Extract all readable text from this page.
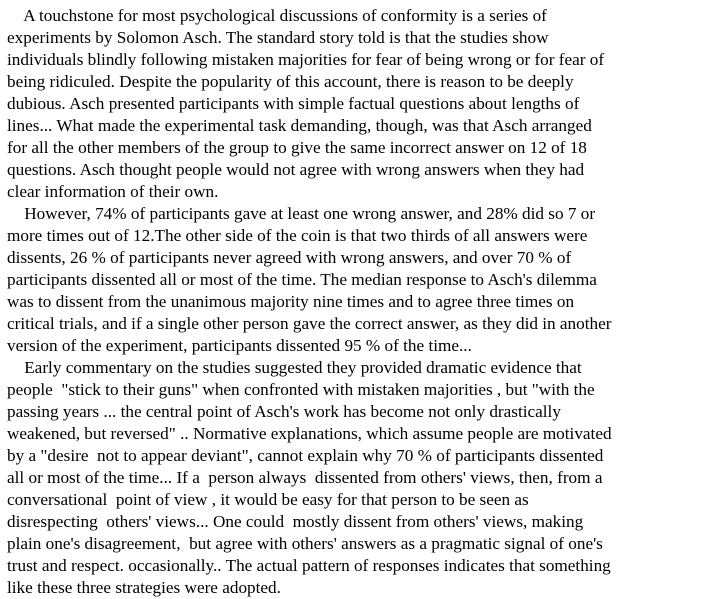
A touchstone for most psychological discussions of conformity is a series of
experiments by Solomon Asch. The standard story told is that the studies show
individuals blindly following mistaken majorities for fear of being wrong or for fear of
being ridiculed. Despite the popularity of this account, there is reason to be deeply
dubious. Asch presented participants with simple factual questions about lengths of
lines... What made the experimental task demanding, though, was that Asch arranged
for all the other members of the group to give the same incorrect answer on 12 of 18
questions. Asch thought people would not agree with wrong answers when they had
clear information of their own.
However, 74% of participants gave at least one wrong answer, and 28% did so 7 or
more times out of 12.The other side of the coin is that two thirds of all answers were
dissents, 26 % of participants never agreed with wrong answers, and over 70 % of
participants dissented all or most of the time. The median response to Asch's dilemma
was to dissent from the unanimous majority nine times and to agree three times on
critical trials, and if a single other person gave the correct answer, as they did in another
version of the experiment, participants dissented 95 % of the time...
Early commentary on the studies suggested they provided dramatic evidence that
people  "stick to their guns" when confronted with mistaken majorities , but "with the
passing years ... the central point of Asch's work has become not only drastically
weakened, but reversed" .. Normative explanations, which assume people are motivated
by a "desire  not to appear deviant", cannot explain why 70 % of participants dissented
all or most of the time... If a  person always  dissented from others' views, then, from a
conversational  point of view , it would be easy for that person to be seen as
disrespecting  others' views... One could  mostly dissent from others' views, making
plain one's disagreement,  but agree with others' answers as a pragmatic signal of one's
trust and respect. occasionally.. The actual pattern of responses indicates that something
like these three strategies were adopted.
